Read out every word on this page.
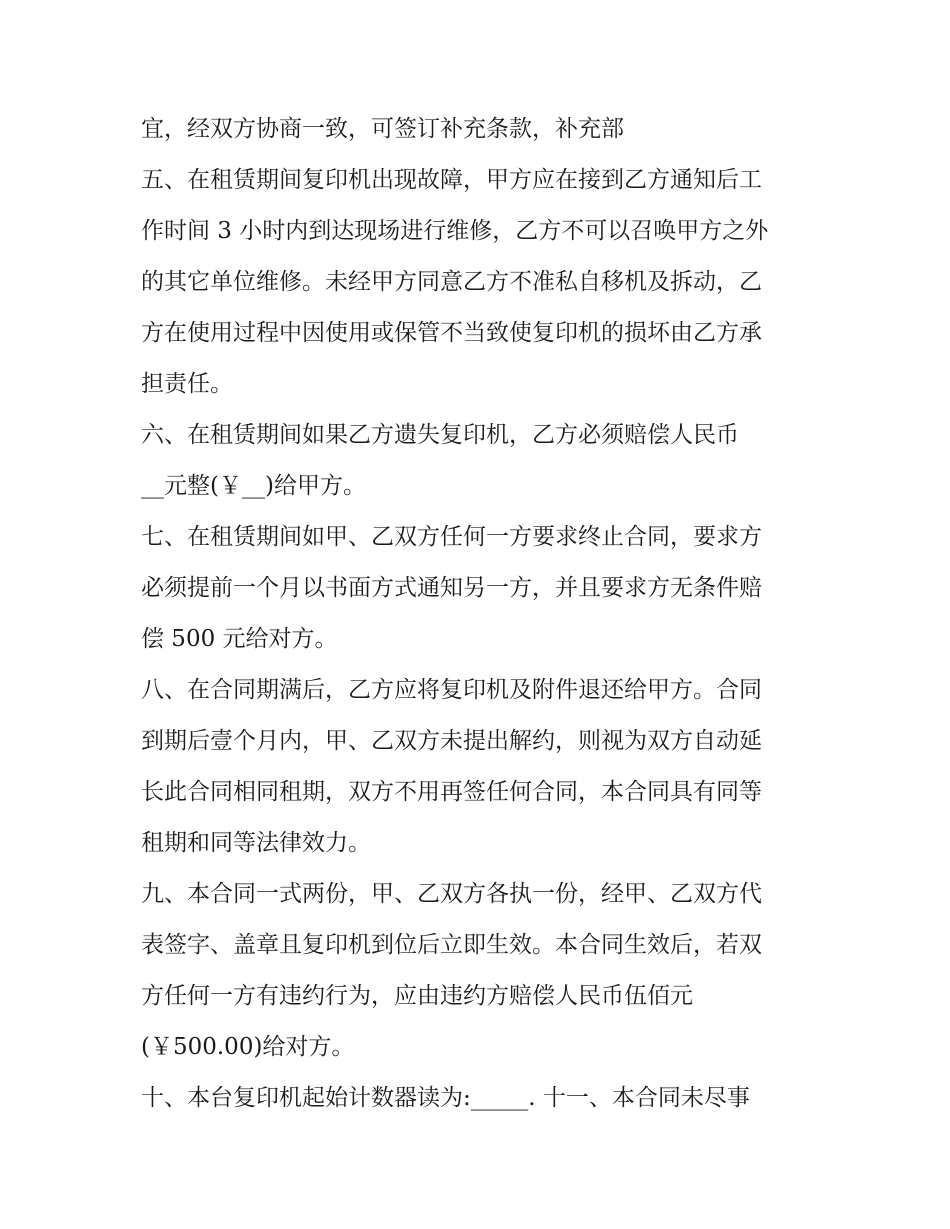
宜，经双方协商一致，可签订补充条款，补充部
五、在租赁期间复印机出现故障，甲方应在接到乙方通知后工
作时间 3 小时内到达现场进行维修，乙方不可以召唤甲方之外
的其它单位维修。未经甲方同意乙方不准私自移机及拆动，乙
方在使用过程中因使用或保管不当致使复印机的损坏由乙方承
担责任。
六、在租赁期间如果乙方遗失复印机，乙方必须赔偿人民币
__元整(￥__)给甲方。
七、在租赁期间如甲、乙双方任何一方要求终止合同，要求方
必须提前一个月以书面方式通知另一方，并且要求方无条件赔
偿 500 元给对方。
八、在合同期满后，乙方应将复印机及附件退还给甲方。合同
到期后壹个月内，甲、乙双方未提出解约，则视为双方自动延
长此合同相同租期，双方不用再签任何合同，本合同具有同等
租期和同等法律效力。
九、本合同一式两份，甲、乙双方各执一份，经甲、乙双方代
表签字、盖章且复印机到位后立即生效。本合同生效后，若双
方任何一方有违约行为，应由违约方赔偿人民币伍佰元
(￥500.00)给对方。
十、本台复印机起始计数器读为:_____. 十一、本合同未尽事
